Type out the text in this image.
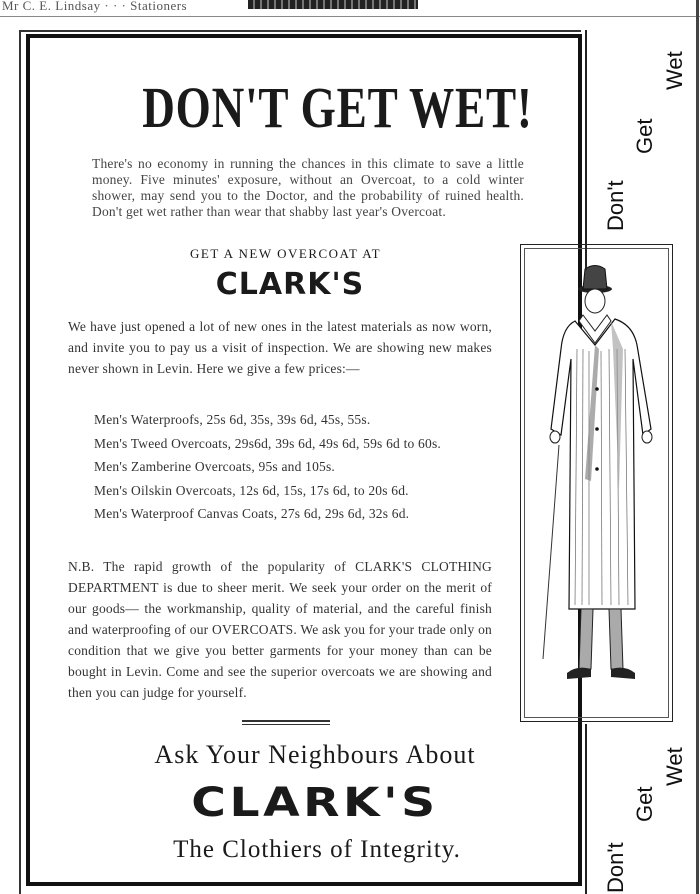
Mr C. E. Lindsay · · · Stationers
DON'T GET WET!
There's no economy in running the chances in this climate to save a little money. Five minutes' exposure, without an Overcoat, to a cold winter shower, may send you to the Doctor, and the probability of ruined health. Don't get wet rather than wear that shabby last year's Overcoat.
GET A NEW OVERCOAT AT
CLARK'S
We have just opened a lot of new ones in the latest materials as now worn, and invite you to pay us a visit of inspection. We are showing new makes never shown in Levin. Here we give a few prices:—
Men's Waterproofs, 25s 6d, 35s, 39s 6d, 45s, 55s.
Men's Tweed Overcoats, 29s6d, 39s 6d, 49s 6d, 59s 6d to 60s.
Men's Zamberine Overcoats, 95s and 105s.
Men's Oilskin Overcoats, 12s 6d, 15s, 17s 6d, to 20s 6d.
Men's Waterproof Canvas Coats, 27s 6d, 29s 6d, 32s 6d.
N.B. The rapid growth of the popularity of CLARK'S CLOTHING DEPARTMENT is due to sheer merit. We seek your order on the merit of our goods— the workmanship, quality of material, and the careful finish and waterproofing of our OVERCOATS. We ask you for your trade only on condition that we give you better garments for your money than can be bought in Levin. Come and see the superior overcoats we are showing and then you can judge for yourself.
Ask Your Neighbours About
CLARK'S
The Clothiers of Integrity.
Don't
Get
Wet
Don't
Get
Wet
